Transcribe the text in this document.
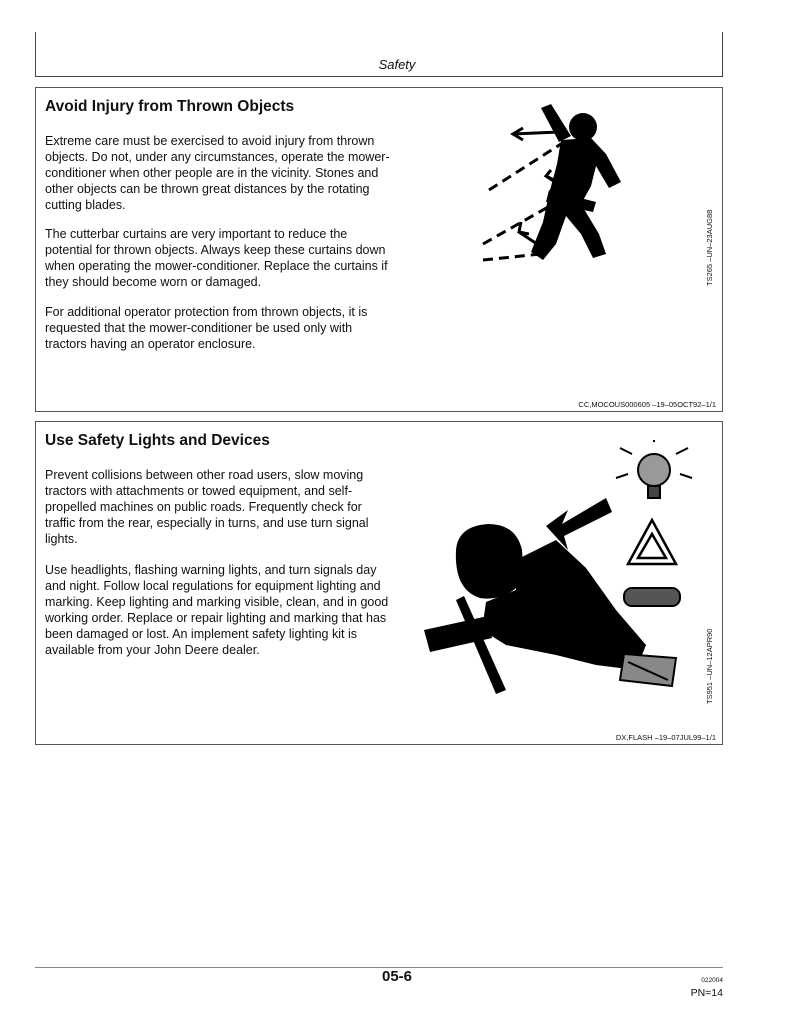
Safety
Avoid Injury from Thrown Objects

Extreme care must be exercised to avoid injury from thrown objects. Do not, under any circumstances, operate the mower-conditioner when other people are in the vicinity. Stones and other objects can be thrown great distances by the rotating cutting blades.

The cutterbar curtains are very important to reduce the potential for thrown objects. Always keep these curtains down when operating the mower-conditioner. Replace the curtains if they should become worn or damaged.

For additional operator protection from thrown objects, it is requested that the mower-conditioner be used only with tractors having an operator enclosure.

TS265 –UN–23AUG88
CC,MOCOUS000605 –19–05OCT92–1/1
Use Safety Lights and Devices

Prevent collisions between other road users, slow moving tractors with attachments or towed equipment, and self-propelled machines on public roads. Frequently check for traffic from the rear, especially in turns, and use turn signal lights.

Use headlights, flashing warning lights, and turn signals day and night. Follow local regulations for equipment lighting and marking. Keep lighting and marking visible, clean, and in good working order. Replace or repair lighting and marking that has been damaged or lost. An implement safety lighting kit is available from your John Deere dealer.	TS951 –UN–12APR90
DX,FLASH –19–07JUL99–1/1
05-6	022004
PN=14
